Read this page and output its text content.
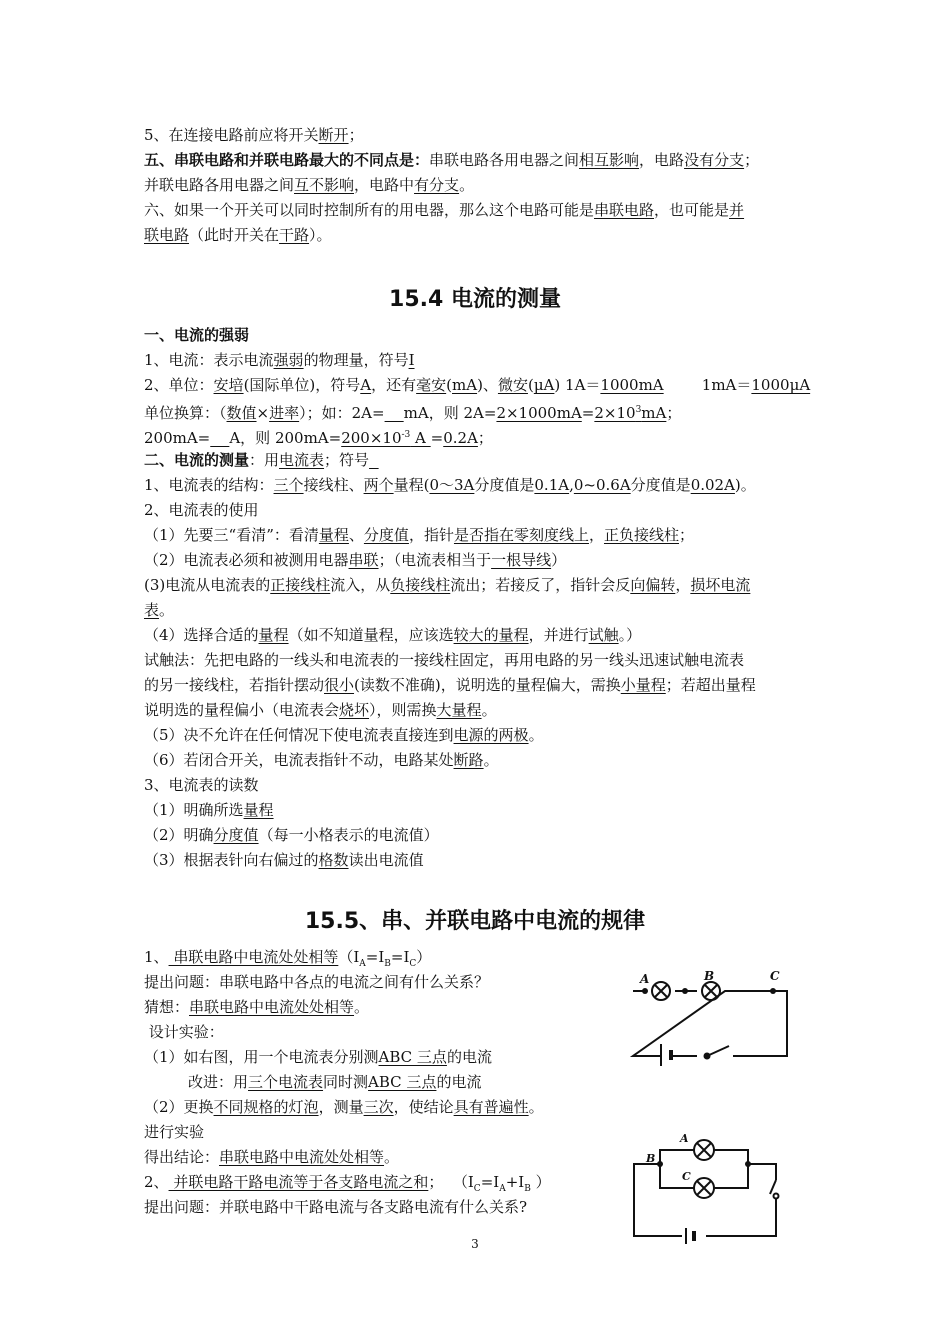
5、在连接电路前应将开关断开；
五、串联电路和并联电路最大的不同点是：串联电路各用电器之间相互影响，电路没有分支；
并联电路各用电器之间互不影响，电路中有分支。
六、如果一个开关可以同时控制所有的用电器，那么这个电路可能是串联电路，也可能是并
联电路（此时开关在干路）。
15.4 电流的测量
一、电流的强弱
1、电流：表示电流强弱的物理量，符号I
2、单位：安培(国际单位)，符号A，还有毫安(mA)、微安(μA) 1A＝1000mA        1mA＝1000μA
单位换算：（数值×进率）；如：2A= mA，则 $2A=2\times 1000mA=2\times 10^3mA$；
200mA= A，则 $200mA=200\times 10^{-3}$ A =0.2A；
二、电流的测量：用电流表；符号
1、电流表的结构：三个接线柱、两个量程(0～3A分度值是0.1A,0~0.6A分度值是0.02A)。
2、电流表的使用
（1）先要三“看清”：看清量程、分度值，指针是否指在零刻度线上，正负接线柱；
（2）电流表必须和被测用电器串联；（电流表相当于一根导线）
(3)电流从电流表的正接线柱流入，从负接线柱流出；若接反了，指针会反向偏转，损坏电流
表。
（4）选择合适的量程（如不知道量程，应该选较大的量程，并进行试触。）
试触法：先把电路的一线头和电流表的一接线柱固定，再用电路的另一线头迅速试触电流表
的另一接线柱，若指针摆动很小(读数不准确)，说明选的量程偏大，需换小量程；若超出量程
说明选的量程偏小（电流表会烧坏），则需换大量程。
（5）决不允许在任何情况下使电流表直接连到电源的两极。
（6）若闭合开关，电流表指针不动，电路某处断路。
3、电流表的读数
（1）明确所选量程
（2）明确分度值（每一小格表示的电流值）
（3）根据表针向右偏过的格数读出电流值
15.5、串、并联电路中电流的规律
1、 串联电路中电流处处相等$(I_A=I_B=I_C)$
提出问题：串联电路中各点的电流之间有什么关系？
猜想：串联电路中电流处处相等。
设计实验：
（1）如右图，用一个电流表分别测ABC 三点的电流
改进：用三个电流表同时测ABC 三点的电流
（2）更换不同规格的灯泡，测量三次，使结论具有普遍性。
进行实验
得出结论：串联电路中电流处处相等。
2、 并联电路干路电流等于各支路电流之和；  （$I_C=I_A+I_B$ ）
提出问题：并联电路中干路电流与各支路电流有什么关系?
A	B	C
A
B
C
3
